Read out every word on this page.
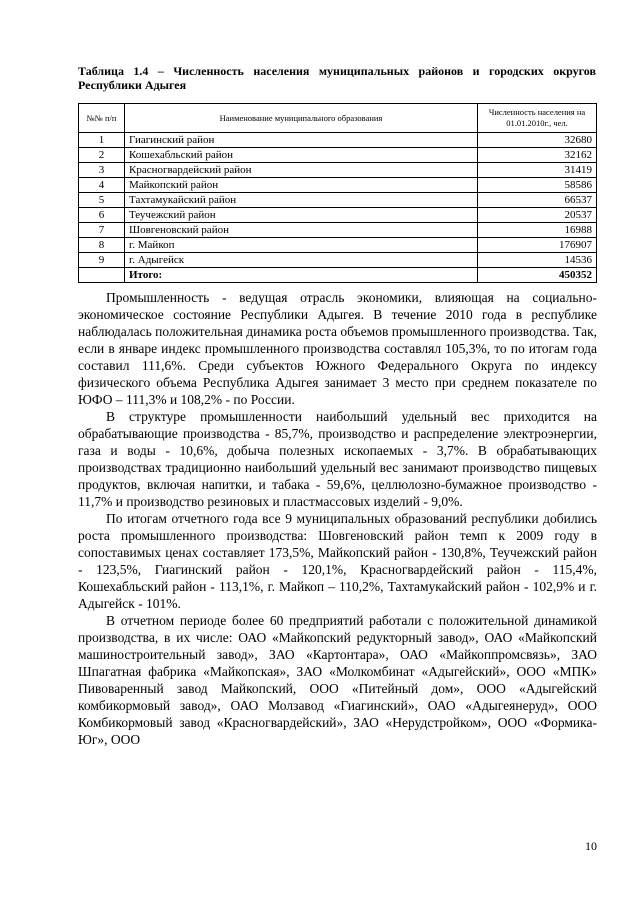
Таблица 1.4 – Численность населения муниципальных районов и городских округов Республики Адыгея
№№ п/п	Наименование муниципального образования	Численность населения на 01.01.2010г., чел.
1	Гиагинский район	32680
2	Кошехабльский район	32162
3	Красногвардейский район	31419
4	Майкопский район	58586
5	Тахтамукайский район	66537
6	Теучежский район	20537
7	Шовгеновский район	16988
8	г. Майкоп	176907
9	г. Адыгейск	14536
	Итого:	450352

Промышленность - ведущая отрасль экономики, влияющая на социально-экономическое состояние Республики Адыгея. В течение 2010 года в республике наблюдалась положительная динамика роста объемов промышленного производства. Так, если в январе индекс промышленного производства составлял 105,3%, то по итогам года составил 111,6%. Среди субъектов Южного Федерального Округа по индексу физического объема Республика Адыгея занимает 3 место при среднем показателе по ЮФО – 111,3% и 108,2% - по России.

В структуре промышленности наибольший удельный вес приходится на обрабатывающие производства - 85,7%, производство и распределение электроэнергии, газа и воды - 10,6%, добыча полезных ископаемых - 3,7%. В обрабатывающих производствах традиционно наибольший удельный вес занимают производство пищевых продуктов, включая напитки, и табака - 59,6%, целлюлозно-бумажное производство - 11,7% и производство резиновых и пластмассовых изделий - 9,0%.

По итогам отчетного года все 9 муниципальных образований республики добились роста промышленного производства: Шовгеновский район темп к 2009 году в сопоставимых ценах составляет 173,5%, Майкопский район - 130,8%, Теучежский район - 123,5%, Гиагинский район - 120,1%, Красногвардейский район - 115,4%, Кошехабльский район - 113,1%, г. Майкоп – 110,2%, Тахтамукайский район - 102,9% и г. Адыгейск - 101%.

В отчетном периоде более 60 предприятий работали с положительной динамикой производства, в их числе: ОАО «Майкопский редукторный завод», ОАО «Майкопский машиностроительный завод», ЗАО «Картонтара», ОАО «Майкоппромсвязь», ЗАО Шпагатная фабрика «Майкопская», ЗАО «Молкомбинат «Адыгейский», ООО «МПК» Пивоваренный завод Майкопский, ООО «Питейный дом», ООО «Адыгейский комбикормовый завод», ОАО Молзавод «Гиагинский», ОАО «Адыгеянеруд», ООО Комбикормовый завод «Красногвардейский», ЗАО «Нерудстройком», ООО «Формика-Юг», ООО

10
